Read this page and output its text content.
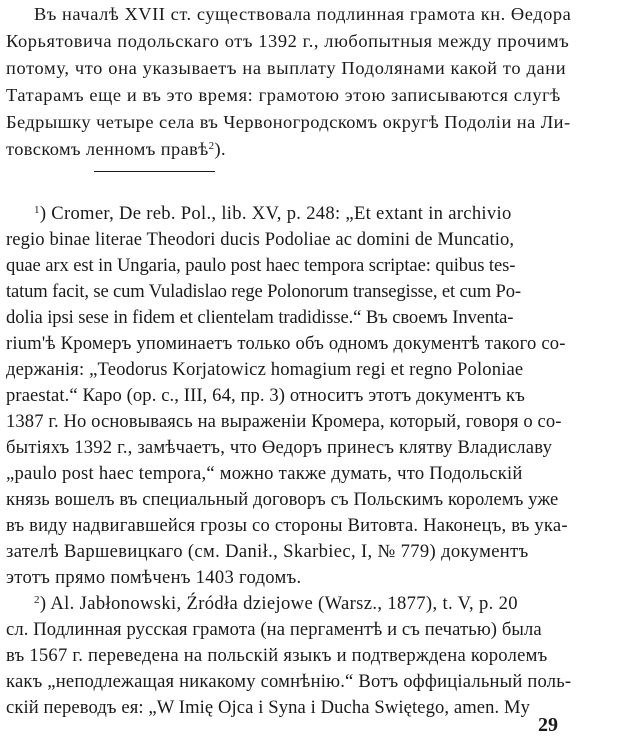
Въ началѣ XVII ст. существовала подлинная грамота кн. Өедора
Корьятовича подольскаго отъ 1392 г., любопытныя между прочимъ
потому, что она указываетъ на выплату Подолянами какой то дани
Татарамъ еще и въ это время: грамотою этою записываются слугѣ
Бедрышку четыре села въ Червоногродскомъ округѣ Подоліи на Ли-
товскомъ ленномъ правѣ$^2$).
$^1$) Cromer, De reb. Pol., lib. XV, p. 248: „Et extant in archivio
regio binae literae Theodori ducis Podoliae ac domini de Muncatio,
quae arx est in Ungaria, paulo post haec tempora scriptae: quibus tes-
tatum facit, se cum Vuladislao rege Polonorum transegisse, et cum Po-
dolia ipsi sese in fidem et clientelam tradidisse.“ Въ своемъ Inventa-
rium'ѣ Кромеръ упоминаетъ только объ одномъ документѣ такого со-
держанія: „Teodorus Korjatowicz homagium regi et regno Poloniae
praestat.“ Каро (ор. с., III, 64, пр. 3) относитъ этотъ документъ къ
1387 г. Но основываясь на выраженіи Кромера, который, говоря о со-
бытіяхъ 1392 г., замѣчаетъ, что Өедоръ принесъ клятву Владиславу
„paulo post haec tempora,“ можно также думать, что Подольскій
князь вошелъ въ специальный договоръ съ Польскимъ королемъ уже
въ виду надвигавшейся грозы со стороны Витовта. Наконецъ, въ ука-
зателѣ Варшевицкаго (см. Danił., Skarbiec, I, № 779) документъ
этотъ прямо помѣченъ 1403 годомъ.
$^2$) Al. Jabłonowski, Źródła dziejowe (Warsz., 1877), t. V, p. 20
сл. Подлинная русская грамота (на пергаментѣ и съ печатью) была
въ 1567 г. переведена на польскій языкъ и подтверждена королемъ
какъ „неподлежащая никакому сомнѣнію.“ Вотъ оффиціальный поль-
скій переводъ ея: „W Imię Ojca i Syna i Ducha Swiętego, amen. My
29
